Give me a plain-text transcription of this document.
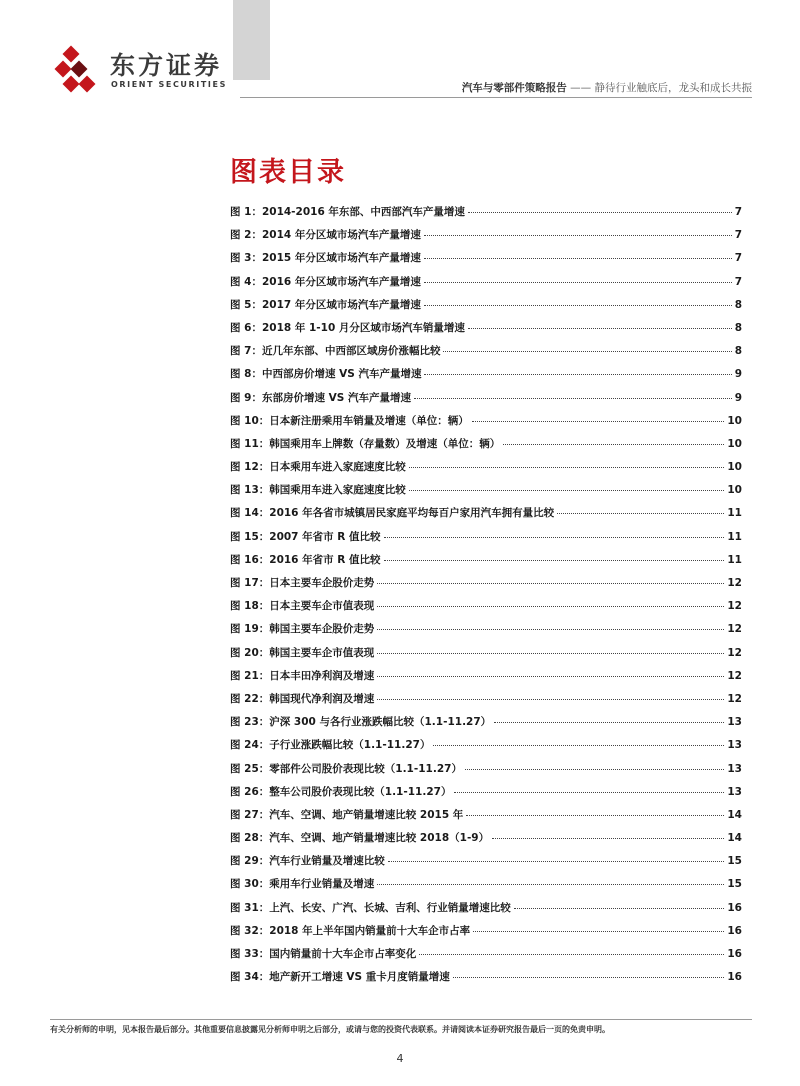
东方证券
ORIENT SECURITIES	汽车与零部件策略报告 —— 静待行业触底后，龙头和成长共振
图表目录
图 1：2014-2016 年东部、中西部汽车产量增速	7
图 2：2014 年分区域市场汽车产量增速	7
图 3：2015 年分区域市场汽车产量增速	7
图 4：2016 年分区域市场汽车产量增速	7
图 5：2017 年分区域市场汽车产量增速	8
图 6：2018 年 1-10 月分区域市场汽车销量增速	8
图 7：近几年东部、中西部区域房价涨幅比较	8
图 8：中西部房价增速 VS 汽车产量增速	9
图 9：东部房价增速 VS 汽车产量增速	9
图 10：日本新注册乘用车销量及增速（单位：辆）	10
图 11：韩国乘用车上牌数（存量数）及增速（单位：辆）	10
图 12：日本乘用车进入家庭速度比较	10
图 13：韩国乘用车进入家庭速度比较	10
图 14：2016 年各省市城镇居民家庭平均每百户家用汽车拥有量比较	11
图 15：2007 年省市 R 值比较	11
图 16：2016 年省市 R 值比较	11
图 17：日本主要车企股价走势	12
图 18：日本主要车企市值表现	12
图 19：韩国主要车企股价走势	12
图 20：韩国主要车企市值表现	12
图 21：日本丰田净利润及增速	12
图 22：韩国现代净利润及增速	12
图 23：沪深 300 与各行业涨跌幅比较（1.1-11.27）	13
图 24：子行业涨跌幅比较（1.1-11.27）	13
图 25：零部件公司股价表现比较（1.1-11.27）	13
图 26：整车公司股价表现比较（1.1-11.27）	13
图 27：汽车、空调、地产销量增速比较 2015 年	14
图 28：汽车、空调、地产销量增速比较 2018（1-9）	14
图 29：汽车行业销量及增速比较	15
图 30：乘用车行业销量及增速	15
图 31：上汽、长安、广汽、长城、吉利、行业销量增速比较	16
图 32：2018 年上半年国内销量前十大车企市占率	16
图 33：国内销量前十大车企市占率变化	16
图 34：地产新开工增速 VS 重卡月度销量增速	16
有关分析师的申明，见本报告最后部分。其他重要信息披露见分析师申明之后部分，或请与您的投资代表联系。并请阅读本证券研究报告最后一页的免责申明。
4
